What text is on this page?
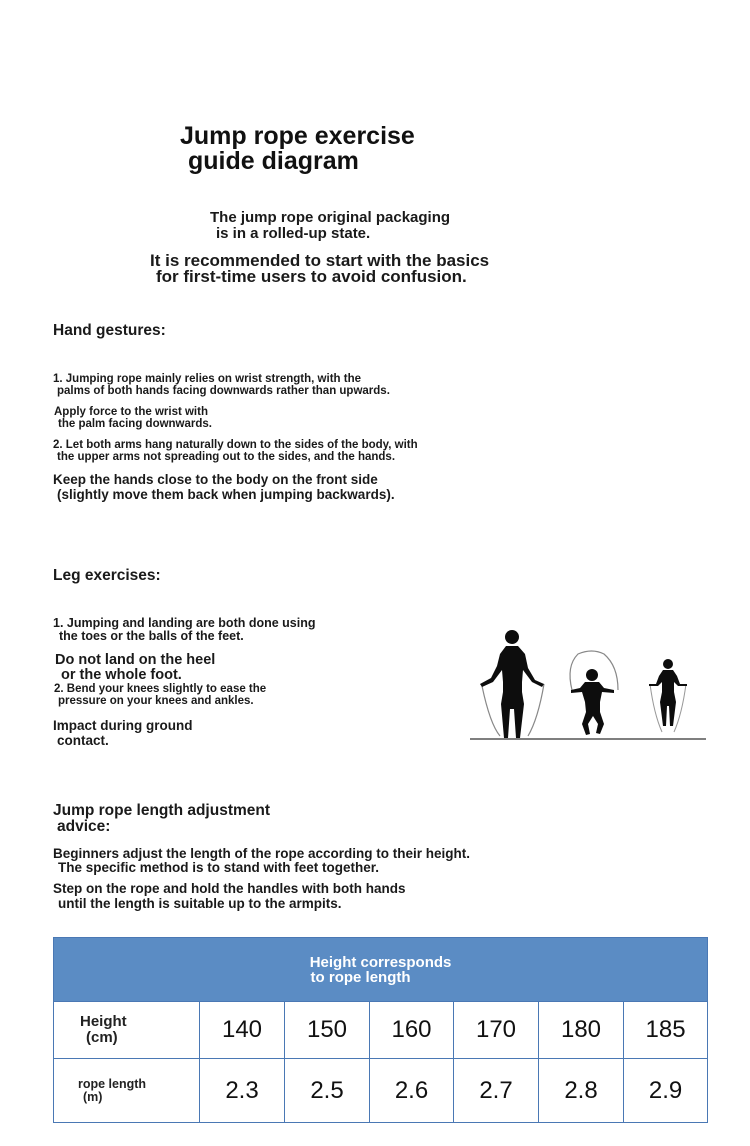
Jump rope exercise
guide diagram
The jump rope original packaging
is in a rolled-up state.
It is recommended to start with the basics
for first-time users to avoid confusion.
Hand gestures:
1. Jumping rope mainly relies on wrist strength, with the
palms of both hands facing downwards rather than upwards.
Apply force to the wrist with
the palm facing downwards.
2. Let both arms hang naturally down to the sides of the body, with
the upper arms not spreading out to the sides, and the hands.
Keep the hands close to the body on the front side
(slightly move them back when jumping backwards).
Leg exercises:
1. Jumping and landing are both done using
the toes or the balls of the feet.
Do not land on the heel
or the whole foot.
2. Bend your knees slightly to ease the
pressure on your knees and ankles.
Impact during ground
contact.
Jump rope length adjustment
advice:
Beginners adjust the length of the rope according to their height.
The specific method is to stand with feet together.
Step on the rope and hold the handles with both hands
until the length is suitable up to the armpits.
Height corresponds
to rope length						
Height
(cm)	140	150	160	170	180	185
rope length
(m)	2.3	2.5	2.6	2.7	2.8	2.9
